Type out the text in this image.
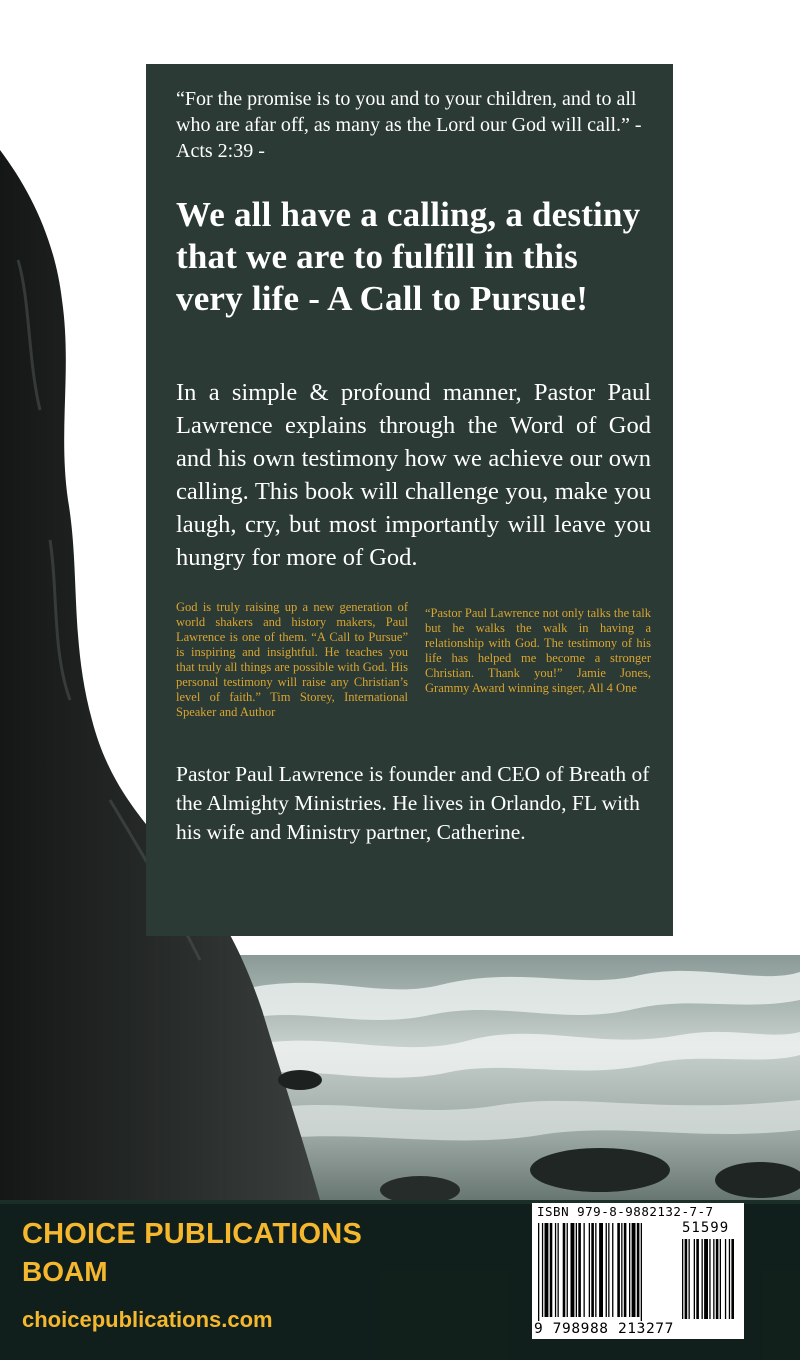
“For the promise is to you and to your children, and to all who are afar off, as many as the Lord our God will call.” - Acts 2:39 -

We all have a calling, a destiny that we are to fulfill in this very life - A Call to Pursue!

In a simple & profound manner, Pastor Paul Lawrence explains through the Word of God and his own testimony how we achieve our own calling. This book will challenge you, make you laugh, cry, but most importantly will leave you hungry for more of God.

God is truly raising up a new generation of world shakers and history makers, Paul Lawrence is one of them. “A Call to Pursue” is inspiring and insightful. He teaches you that truly all things are possible with God. His personal testimony will raise any Christian’s level of faith.” Tim Storey, International Speaker and Author

“Pastor Paul Lawrence not only talks the talk but he walks the walk in having a relationship with God. The testimony of his life has helped me become a stronger Christian. Thank you!” Jamie Jones, Grammy Award winning singer, All 4 One

Pastor Paul Lawrence is founder and CEO of Breath of the Almighty Ministries. He lives in Orlando, FL with his wife and Ministry partner, Catherine.

CHOICE PUBLICATIONS
BOAM
choicepublications.com
ISBN 979-8-9882132-7-7
51599
9 798988 213277
